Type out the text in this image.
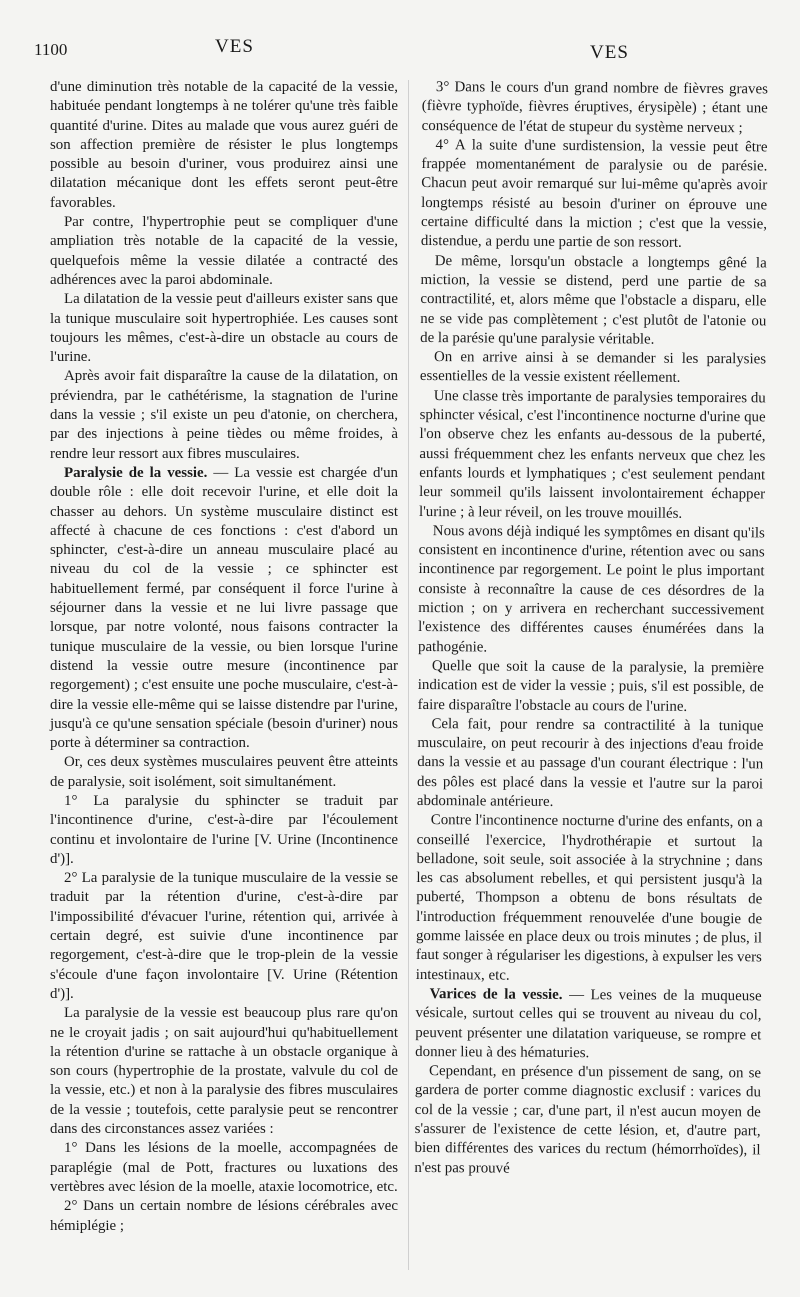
1100	VES	VES

d'une diminution très notable de la capacité de la vessie, habituée pendant longtemps à ne tolérer qu'une très faible quantité d'urine. Dites au malade que vous aurez guéri de son affection première de résister le plus longtemps possible au besoin d'uriner, vous produirez ainsi une dilatation mécanique dont les effets seront peut-être favorables.

Par contre, l'hypertrophie peut se compliquer d'une ampliation très notable de la capacité de la vessie, quelquefois même la vessie dilatée a contracté des adhérences avec la paroi abdominale.

La dilatation de la vessie peut d'ailleurs exister sans que la tunique musculaire soit hypertrophiée. Les causes sont toujours les mêmes, c'est-à-dire un obstacle au cours de l'urine.

Après avoir fait disparaître la cause de la dilatation, on préviendra, par le cathétérisme, la stagnation de l'urine dans la vessie ; s'il existe un peu d'atonie, on cherchera, par des injections à peine tièdes ou même froides, à rendre leur ressort aux fibres musculaires.

Paralysie de la vessie. — La vessie est chargée d'un double rôle : elle doit recevoir l'urine, et elle doit la chasser au dehors. Un système musculaire distinct est affecté à chacune de ces fonctions : c'est d'abord un sphincter, c'est-à-dire un anneau musculaire placé au niveau du col de la vessie ; ce sphincter est habituellement fermé, par conséquent il force l'urine à séjourner dans la vessie et ne lui livre passage que lorsque, par notre volonté, nous faisons contracter la tunique musculaire de la vessie, ou bien lorsque l'urine distend la vessie outre mesure (incontinence par regorgement) ; c'est ensuite une poche musculaire, c'est-à-dire la vessie elle-même qui se laisse distendre par l'urine, jusqu'à ce qu'une sensation spéciale (besoin d'uriner) nous porte à déterminer sa contraction.

Or, ces deux systèmes musculaires peuvent être atteints de paralysie, soit isolément, soit simultanément.

1° La paralysie du sphincter se traduit par l'incontinence d'urine, c'est-à-dire par l'écoulement continu et involontaire de l'urine [V. Urine (Incontinence d')].

2° La paralysie de la tunique musculaire de la vessie se traduit par la rétention d'urine, c'est-à-dire par l'impossibilité d'évacuer l'urine, rétention qui, arrivée à certain degré, est suivie d'une incontinence par regorgement, c'est-à-dire que le trop-plein de la vessie s'écoule d'une façon involontaire [V. Urine (Rétention d')].

La paralysie de la vessie est beaucoup plus rare qu'on ne le croyait jadis ; on sait aujourd'hui qu'habituellement la rétention d'urine se rattache à un obstacle organique à son cours (hypertrophie de la prostate, valvule du col de la vessie, etc.) et non à la paralysie des fibres musculaires de la vessie ; toutefois, cette paralysie peut se rencontrer dans des circonstances assez variées :

1° Dans les lésions de la moelle, accompagnées de paraplégie (mal de Pott, fractures ou luxations des vertèbres avec lésion de la moelle, ataxie locomotrice, etc.

2° Dans un certain nombre de lésions cérébrales avec hémiplégie ;

3° Dans le cours d'un grand nombre de fièvres graves (fièvre typhoïde, fièvres éruptives, érysipèle) ; étant une conséquence de l'état de stupeur du système nerveux ;

4° A la suite d'une surdistension, la vessie peut être frappée momentanément de paralysie ou de parésie. Chacun peut avoir remarqué sur lui-même qu'après avoir longtemps résisté au besoin d'uriner on éprouve une certaine difficulté dans la miction ; c'est que la vessie, distendue, a perdu une partie de son ressort.

De même, lorsqu'un obstacle a longtemps gêné la miction, la vessie se distend, perd une partie de sa contractilité, et, alors même que l'obstacle a disparu, elle ne se vide pas complètement ; c'est plutôt de l'atonie ou de la parésie qu'une paralysie véritable.

On en arrive ainsi à se demander si les paralysies essentielles de la vessie existent réellement.

Une classe très importante de paralysies temporaires du sphincter vésical, c'est l'incontinence nocturne d'urine que l'on observe chez les enfants au-dessous de la puberté, aussi fréquemment chez les enfants nerveux que chez les enfants lourds et lymphatiques ; c'est seulement pendant leur sommeil qu'ils laissent involontairement échapper l'urine ; à leur réveil, on les trouve mouillés.

Nous avons déjà indiqué les symptômes en disant qu'ils consistent en incontinence d'urine, rétention avec ou sans incontinence par regorgement. Le point le plus important consiste à reconnaître la cause de ces désordres de la miction ; on y arrivera en recherchant successivement l'existence des différentes causes énumérées dans la pathogénie.

Quelle que soit la cause de la paralysie, la première indication est de vider la vessie ; puis, s'il est possible, de faire disparaître l'obstacle au cours de l'urine.

Cela fait, pour rendre sa contractilité à la tunique musculaire, on peut recourir à des injections d'eau froide dans la vessie et au passage d'un courant électrique : l'un des pôles est placé dans la vessie et l'autre sur la paroi abdominale antérieure.

Contre l'incontinence nocturne d'urine des enfants, on a conseillé l'exercice, l'hydrothérapie et surtout la belladone, soit seule, soit associée à la strychnine ; dans les cas absolument rebelles, et qui persistent jusqu'à la puberté, Thompson a obtenu de bons résultats de l'introduction fréquemment renouvelée d'une bougie de gomme laissée en place deux ou trois minutes ; de plus, il faut songer à régulariser les digestions, à expulser les vers intestinaux, etc.

Varices de la vessie. — Les veines de la muqueuse vésicale, surtout celles qui se trouvent au niveau du col, peuvent présenter une dilatation variqueuse, se rompre et donner lieu à des hématuries.

Cependant, en présence d'un pissement de sang, on se gardera de porter comme diagnostic exclusif : varices du col de la vessie ; car, d'une part, il n'est aucun moyen de s'assurer de l'existence de cette lésion, et, d'autre part, bien différentes des varices du rectum (hémorrhoïdes), il n'est pas prouvé
